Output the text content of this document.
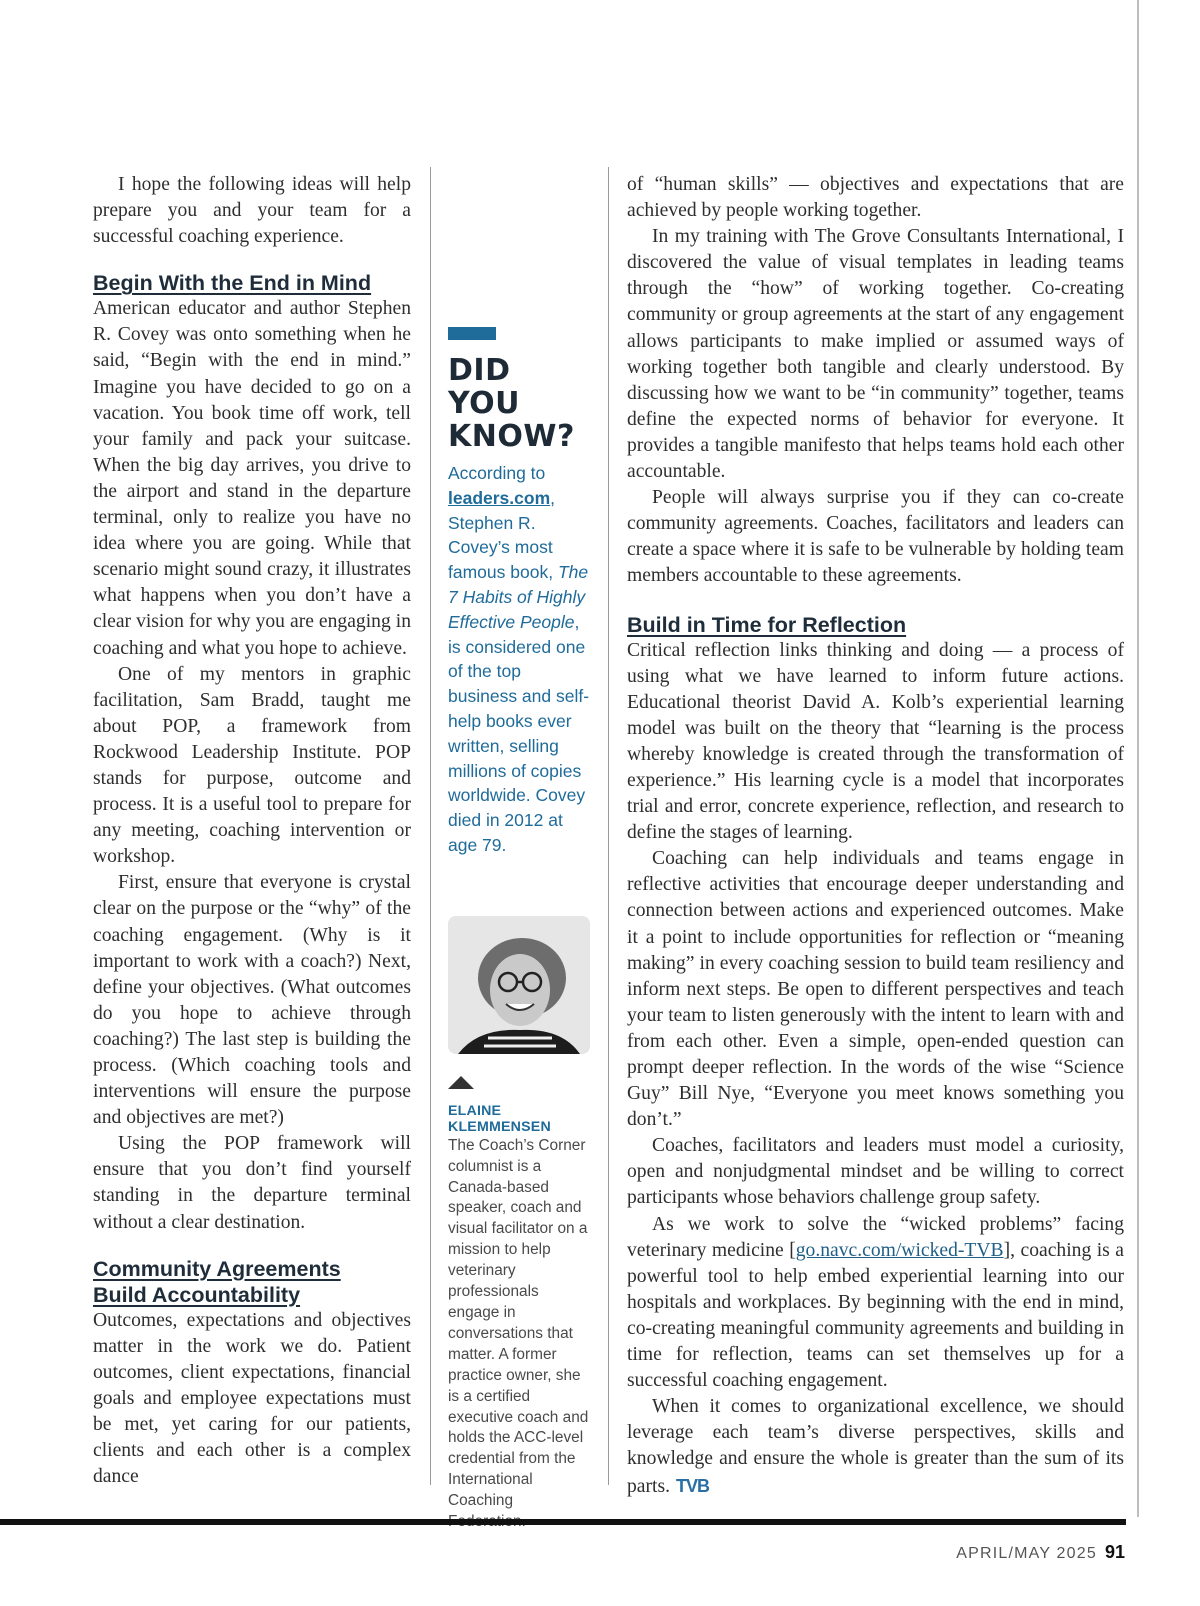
I hope the following ideas will help prepare you and your team for a successful coaching experience.

Begin With the End in Mind

American educator and author Stephen R. Covey was onto something when he said, “Begin with the end in mind.” Imagine you have decided to go on a vacation. You book time off work, tell your family and pack your suitcase. When the big day arrives, you drive to the airport and stand in the departure terminal, only to realize you have no idea where you are going. While that scenario might sound crazy, it illustrates what happens when you don’t have a clear vision for why you are engaging in coaching and what you hope to achieve.

One of my mentors in graphic facilitation, Sam Bradd, taught me about POP, a framework from Rockwood Leadership Institute. POP stands for purpose, outcome and process. It is a useful tool to prepare for any meeting, coaching intervention or workshop.

First, ensure that everyone is crystal clear on the purpose or the “why” of the coaching engagement. (Why is it important to work with a coach?) Next, define your objectives. (What outcomes do you hope to achieve through coaching?) The last step is building the process. (Which coaching tools and interventions will ensure the purpose and objectives are met?)

Using the POP framework will ensure that you don’t find yourself standing in the departure terminal without a clear destination.

Community Agreements
Build Accountability

Outcomes, expectations and objectives matter in the work we do. Patient outcomes, client expectations, financial goals and employee expectations must be met, yet caring for our patients, clients and each other is a complex dance

DID YOU
KNOW?

According to leaders.com, Stephen R. Covey’s most famous book, The 7 Habits of Highly Effective People, is considered one of the top business and self-help books ever written, selling millions of copies worldwide. Covey died in 2012 at age 79.

ELAINE KLEMMENSEN

The Coach’s Corner columnist is a Canada-based speaker, coach and visual facilitator on a mission to help veterinary professionals engage in conversations that matter. A former practice owner, she is a certified executive coach and holds the ACC-level credential from the International Coaching

of “human skills” — objectives and expectations that are achieved by people working together.

In my training with The Grove Consultants International, I discovered the value of visual templates in leading teams through the “how” of working together. Co-creating community or group agreements at the start of any engagement allows participants to make implied or assumed ways of working together both tangible and clearly understood. By discussing how we want to be “in community” together, teams define the expected norms of behavior for everyone. It provides a tangible manifesto that helps teams hold each other accountable.

People will always surprise you if they can co-create community agreements. Coaches, facilitators and leaders can create a space where it is safe to be vulnerable by holding team members accountable to these agreements.

Build in Time for Reflection

Critical reflection links thinking and doing — a process of using what we have learned to inform future actions. Educational theorist David A. Kolb’s experiential learning model was built on the theory that “learning is the process whereby knowledge is created through the transformation of experience.” His learning cycle is a model that incorporates trial and error, concrete experience, reflection, and research to define the stages of learning.

Coaching can help individuals and teams engage in reflective activities that encourage deeper understanding and connection between actions and experienced outcomes. Make it a point to include opportunities for reflection or “meaning making” in every coaching session to build team resiliency and inform next steps. Be open to different perspectives and teach your team to listen generously with the intent to learn with and from each other. Even a simple, open-ended question can prompt deeper reflection. In the words of the wise “Science Guy” Bill Nye, “Everyone you meet knows something you don’t.”

Coaches, facilitators and leaders must model a curiosity, open and nonjudgmental mindset and be willing to correct participants whose behaviors challenge group safety.

As we work to solve the “wicked problems” facing veterinary medicine [go.navc.com/wicked-TVB], coaching is a powerful tool to help embed experiential learning into our hospitals and workplaces. By beginning with the end in mind, co-creating meaningful community agreements and building in time for reflection, teams can set themselves up for a successful coaching engagement.

When it comes to organizational excellence, we should leverage each team’s diverse perspectives, skills and knowledge and ensure the whole is greater than the sum of its parts. TVB

APRIL/MAY 2025 91
